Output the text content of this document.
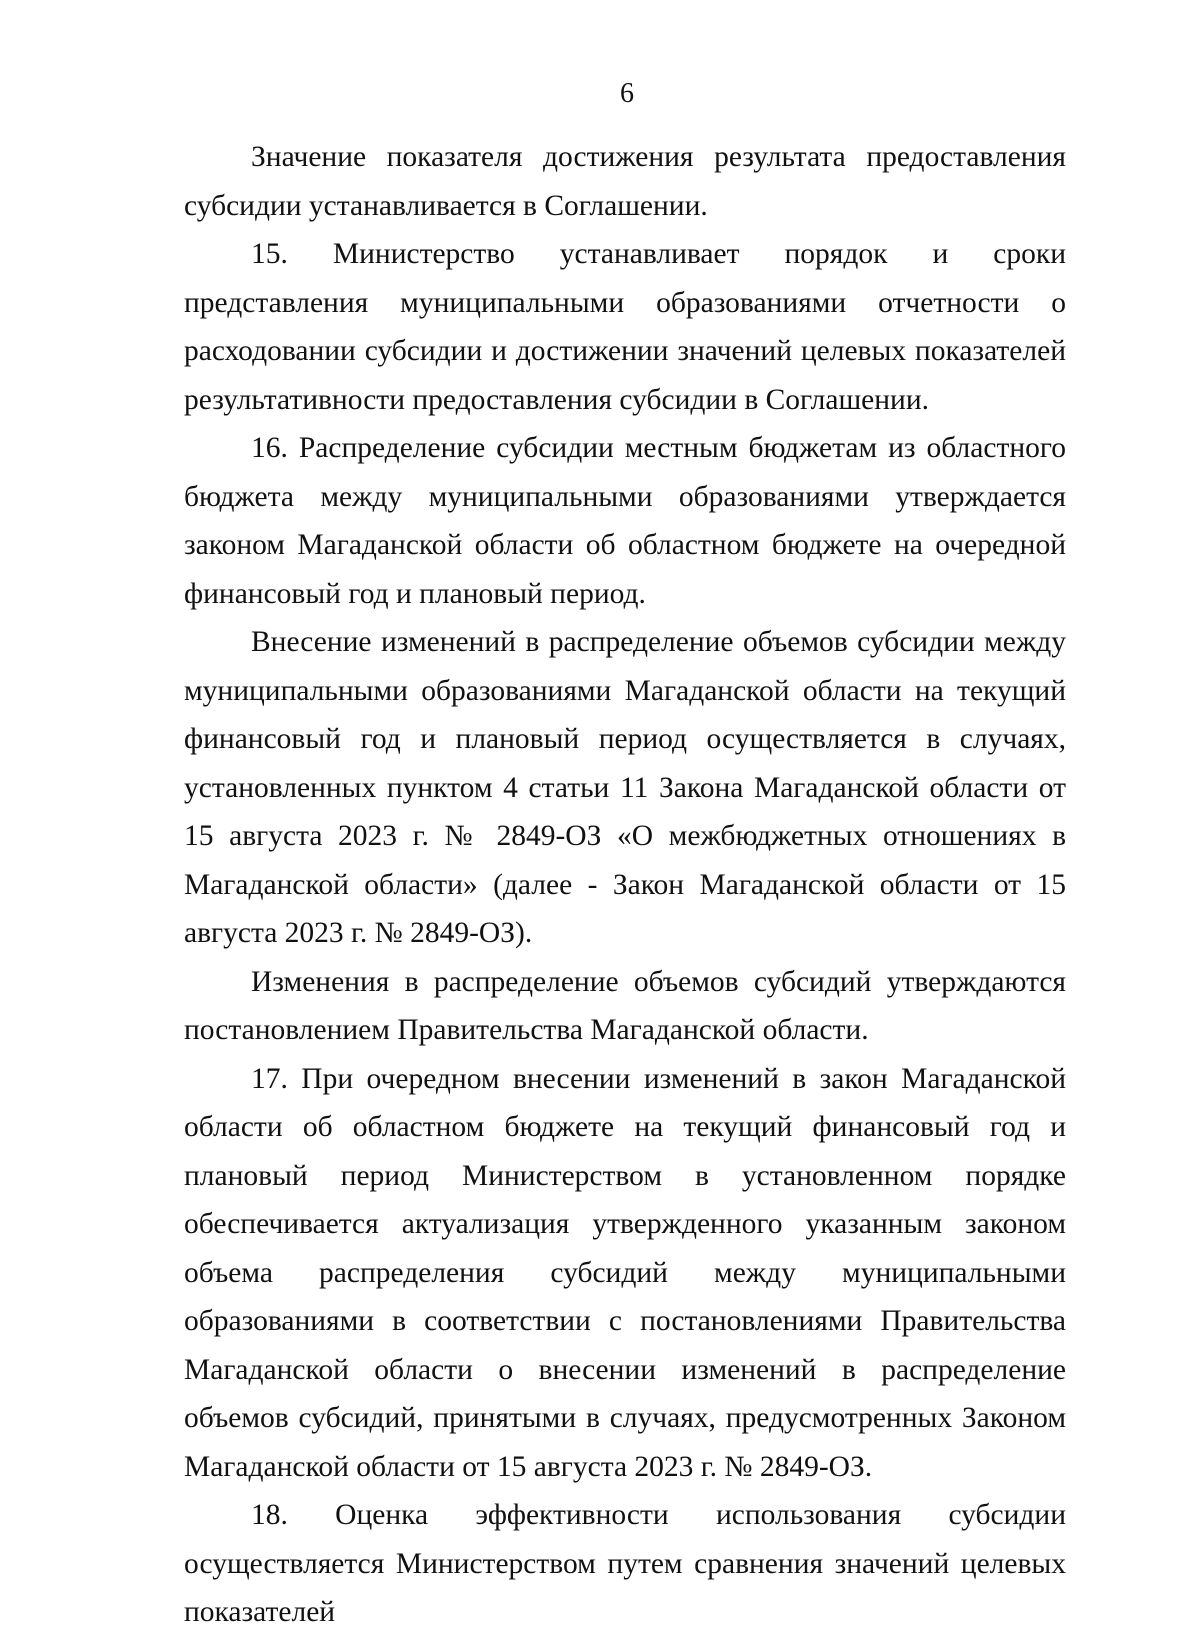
6

Значение показателя достижения результата предоставления субсидии устанавливается в Соглашении.

15. Министерство устанавливает порядок и сроки представления муниципальными образованиями отчетности о расходовании субсидии и достижении значений целевых показателей результативности предоставления субсидии в Соглашении.

16. Распределение субсидии местным бюджетам из областного бюджета между муниципальными образованиями утверждается законом Магаданской области об областном бюджете на очередной финансовый год и плановый период.

Внесение изменений в распределение объемов субсидии между муниципальными образованиями Магаданской области на текущий финансовый год и плановый период осуществляется в случаях, установленных пунктом 4 статьи 11 Закона Магаданской области от 15 августа 2023 г. № 2849-ОЗ «О межбюджетных отношениях в Магаданской области» (далее - Закон Магаданской области от 15 августа 2023 г. № 2849-ОЗ).

Изменения в распределение объемов субсидий утверждаются постановлением Правительства Магаданской области.

17. При очередном внесении изменений в закон Магаданской области об областном бюджете на текущий финансовый год и плановый период Министерством в установленном порядке обеспечивается актуализация утвержденного указанным законом объема распределения субсидий между муниципальными образованиями в соответствии с постановлениями Правительства Магаданской области о внесении изменений в распределение объемов субсидий, принятыми в случаях, предусмотренных Законом Магаданской области от 15 августа 2023 г. № 2849-ОЗ.

18. Оценка эффективности использования субсидии осуществляется Министерством путем сравнения значений целевых показателей
